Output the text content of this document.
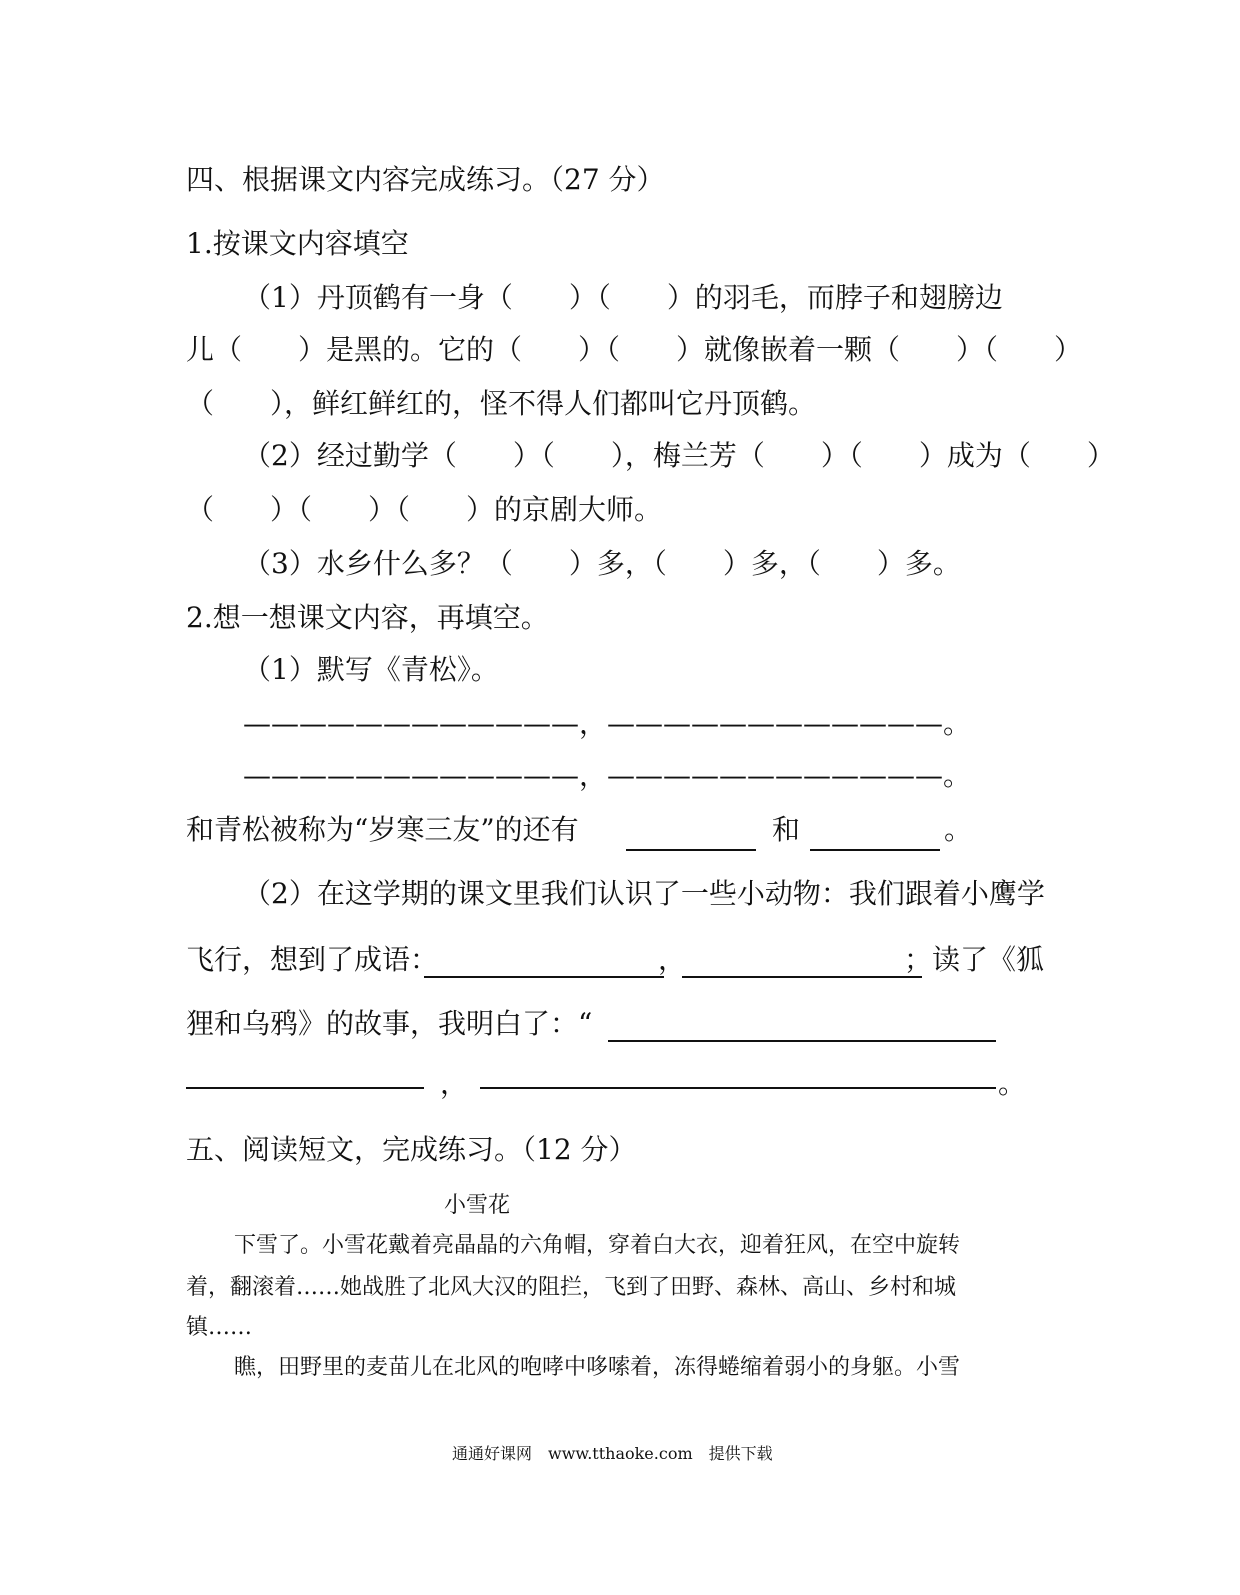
四、根据课文内容完成练习。（27 分）
1.按课文内容填空
（1）丹顶鹤有一身（　　）（　　）的羽毛，而脖子和翅膀边
儿（　　）是黑的。它的（　　）（　　）就像嵌着一颗（　　）（　　）
（　　），鲜红鲜红的，怪不得人们都叫它丹顶鹤。
（2）经过勤学（　　）（　　），梅兰芳（　　）（　　）成为（　　）
（　　）（　　）（　　）的京剧大师。
（3）水乡什么多？（　　）多，（　　）多，（　　）多。
2.想一想课文内容，再填空。
（1）默写《青松》。
————————————，————————————。
————————————，————————————。
和青松被称为“岁寒三友”的还有	和	。
（2）在这学期的课文里我们认识了一些小动物：我们跟着小鹰学
飞行，想到了成语：	，	；读了《狐
狸和乌鸦》的故事，我明白了：“
，	。
五、阅读短文，完成练习。（12 分）
小雪花
下雪了。小雪花戴着亮晶晶的六角帽，穿着白大衣，迎着狂风，在空中旋转
着，翻滚着……她战胜了北风大汉的阻拦，飞到了田野、森林、高山、乡村和城
镇……
瞧，田野里的麦苗儿在北风的咆哮中哆嗦着，冻得蜷缩着弱小的身躯。小雪
通通好课网　www.tthaoke.com　提供下载
